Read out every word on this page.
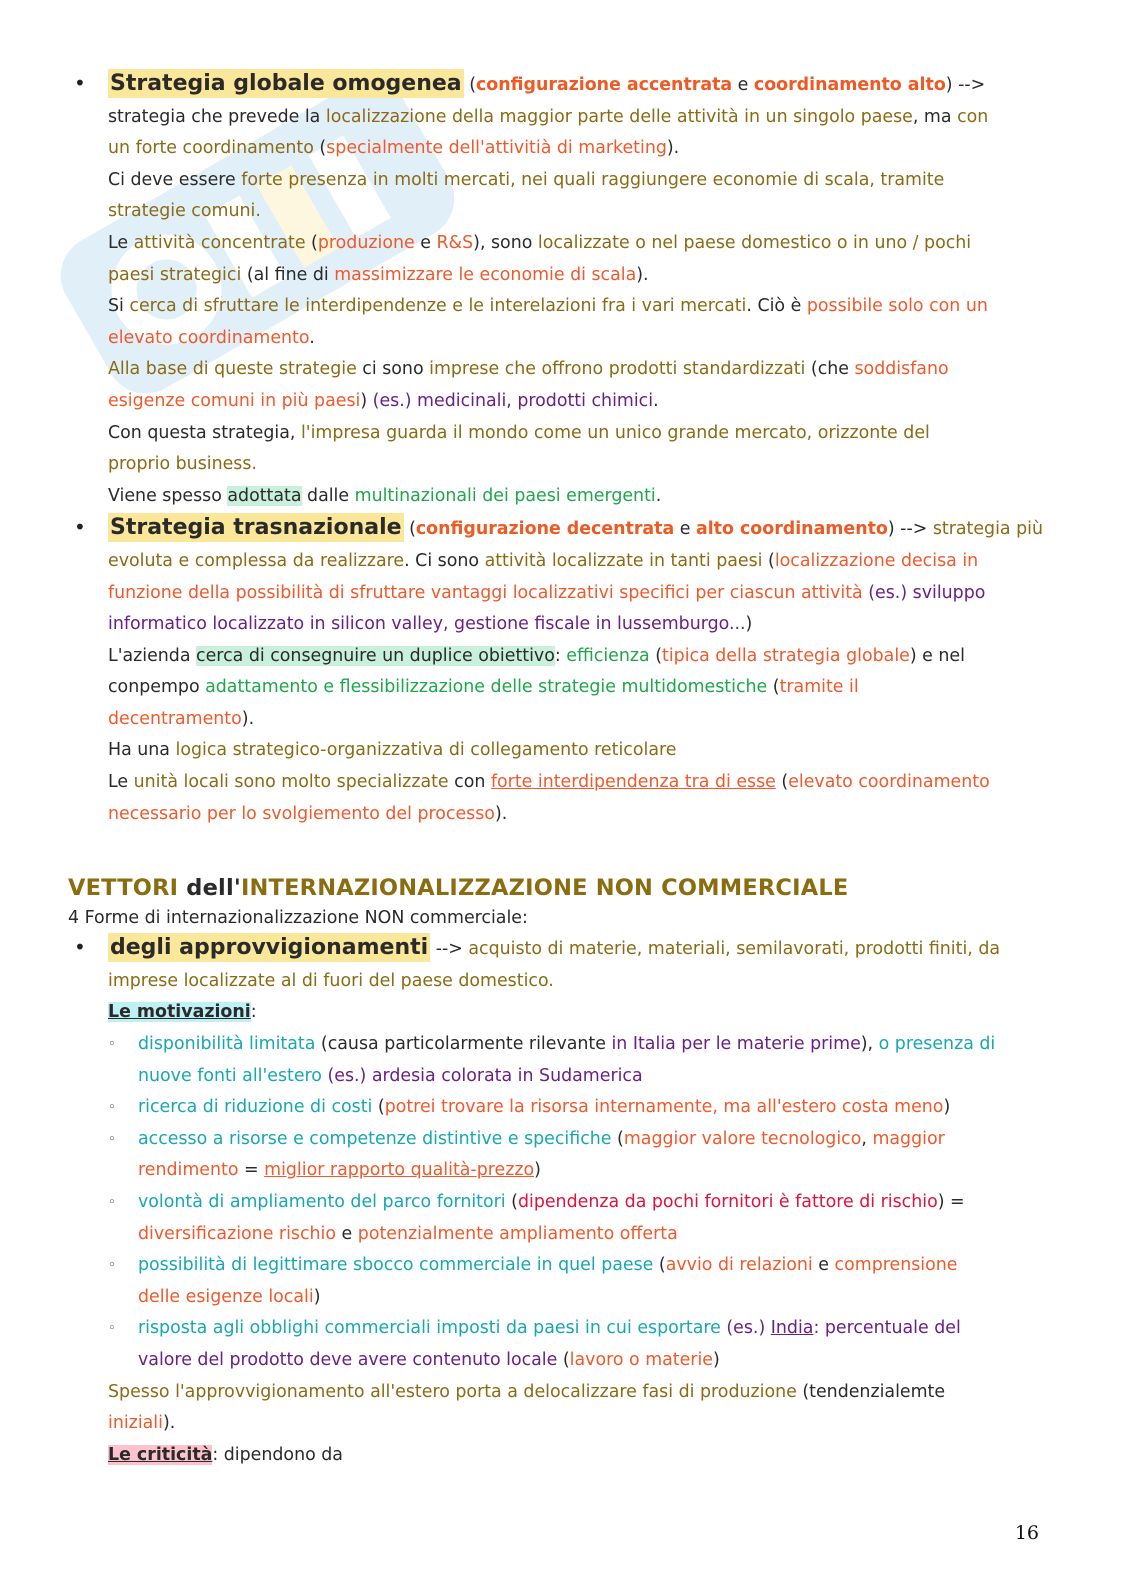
• Strategia globale omogenea (configurazione accentrata e coordinamento alto) -->
strategia che prevede la localizzazione della maggior parte delle attività in un singolo paese, ma con
un forte coordinamento (specialmente dell'attivitià di marketing).
Ci deve essere forte presenza in molti mercati, nei quali raggiungere economie di scala, tramite
strategie comuni.
Le attività concentrate (produzione e R&S), sono localizzate o nel paese domestico o in uno / pochi
paesi strategici (al fine di massimizzare le economie di scala).
Si cerca di sfruttare le interdipendenze e le interelazioni fra i vari mercati. Ciò è possibile solo con un
elevato coordinamento.
Alla base di queste strategie ci sono imprese che offrono prodotti standardizzati (che soddisfano
esigenze comuni in più paesi) (es.) medicinali, prodotti chimici.
Con questa strategia, l'impresa guarda il mondo come un unico grande mercato, orizzonte del
proprio business.
Viene spesso adottata dalle multinazionali dei paesi emergenti.
• Strategia trasnazionale (configurazione decentrata e alto coordinamento) --> strategia più
evoluta e complessa da realizzare. Ci sono attività localizzate in tanti paesi (localizzazione decisa in
funzione della possibilità di sfruttare vantaggi localizzativi specifici per ciascun attività (es.) sviluppo
informatico localizzato in silicon valley, gestione fiscale in lussemburgo...)
L'azienda cerca di consegnuire un duplice obiettivo: efficienza (tipica della strategia globale) e nel
conpempo adattamento e flessibilizzazione delle strategie multidomestiche (tramite il
decentramento).
Ha una logica strategico-organizzativa di collegamento reticolare
Le unità locali sono molto specializzate con forte interdipendenza tra di esse (elevato coordinamento
necessario per lo svolgiemento del processo).
VETTORI dell'INTERNAZIONALIZZAZIONE NON COMMERCIALE
4 Forme di internazionalizzazione NON commerciale:
• degli approvvigionamenti --> acquisto di materie, materiali, semilavorati, prodotti finiti, da
imprese localizzate al di fuori del paese domestico.
Le motivazioni:
◦ disponibilità limitata (causa particolarmente rilevante in Italia per le materie prime), o presenza di
nuove fonti all'estero (es.) ardesia colorata in Sudamerica
◦ ricerca di riduzione di costi (potrei trovare la risorsa internamente, ma all'estero costa meno)
◦ accesso a risorse e competenze distintive e specifiche (maggior valore tecnologico, maggior
rendimento = miglior rapporto qualità-prezzo)
◦ volontà di ampliamento del parco fornitori (dipendenza da pochi fornitori è fattore di rischio) =
diversificazione rischio e potenzialmente ampliamento offerta
◦ possibilità di legittimare sbocco commerciale in quel paese (avvio di relazioni e comprensione
delle esigenze locali)
◦ risposta agli obblighi commerciali imposti da paesi in cui esportare (es.) India: percentuale del
valore del prodotto deve avere contenuto locale (lavoro o materie)
Spesso l'approvvigionamento all'estero porta a delocalizzare fasi di produzione (tendenzialemte
iniziali).
Le criticità: dipendono da
16
